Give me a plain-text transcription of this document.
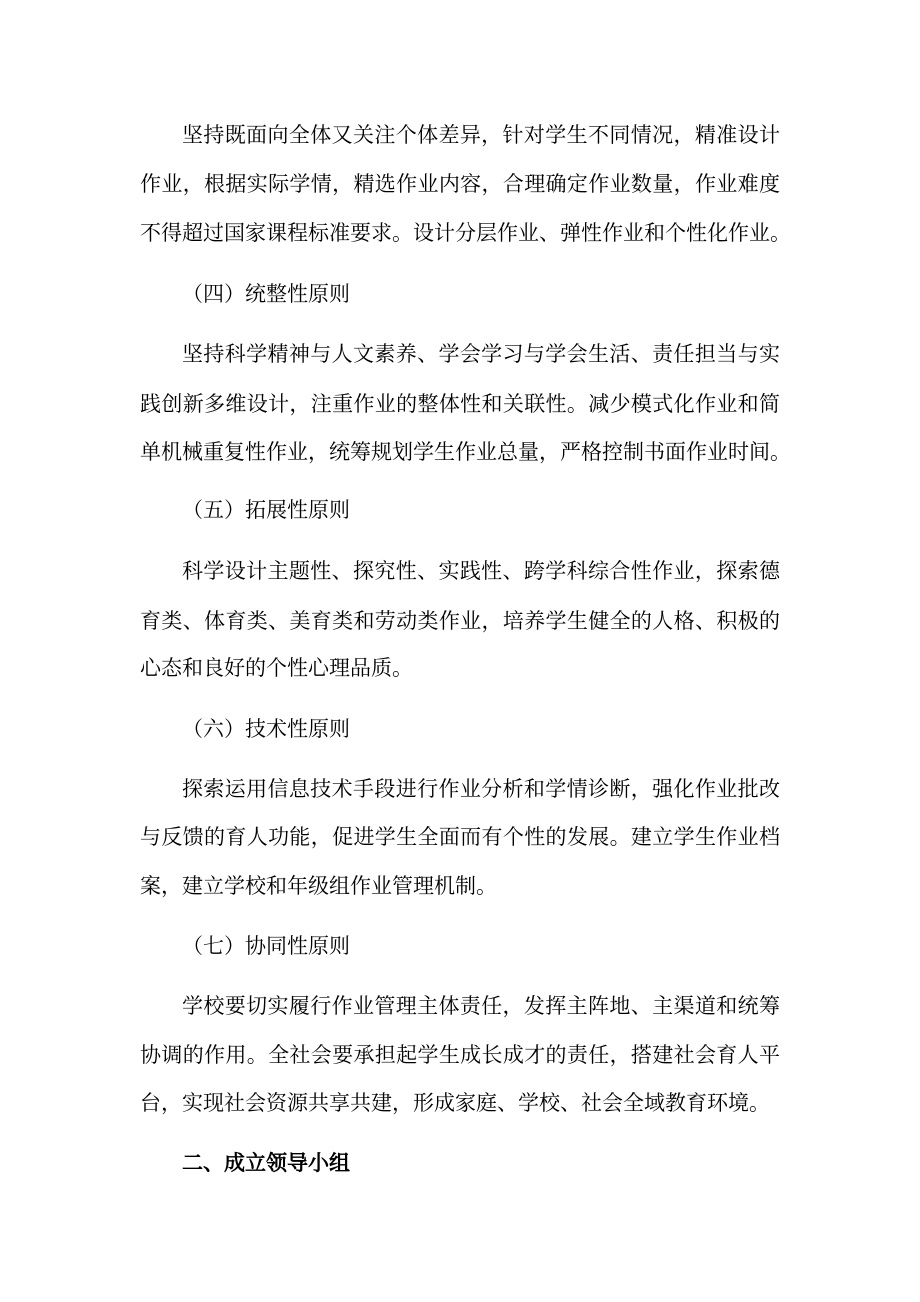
坚持既面向全体又关注个体差异，针对学生不同情况，精准设计
作业，根据实际学情，精选作业内容，合理确定作业数量，作业难度
不得超过国家课程标准要求。设计分层作业、弹性作业和个性化作业。
（四）统整性原则
坚持科学精神与人文素养、学会学习与学会生活、责任担当与实
践创新多维设计，注重作业的整体性和关联性。减少模式化作业和简
单机械重复性作业，统筹规划学生作业总量，严格控制书面作业时间。
（五）拓展性原则
科学设计主题性、探究性、实践性、跨学科综合性作业，探索德
育类、体育类、美育类和劳动类作业，培养学生健全的人格、积极的
心态和良好的个性心理品质。
（六）技术性原则
探索运用信息技术手段进行作业分析和学情诊断，强化作业批改
与反馈的育人功能，促进学生全面而有个性的发展。建立学生作业档
案，建立学校和年级组作业管理机制。
（七）协同性原则
学校要切实履行作业管理主体责任，发挥主阵地、主渠道和统筹
协调的作用。全社会要承担起学生成长成才的责任，搭建社会育人平
台，实现社会资源共享共建，形成家庭、学校、社会全域教育环境。
二、成立领导小组
